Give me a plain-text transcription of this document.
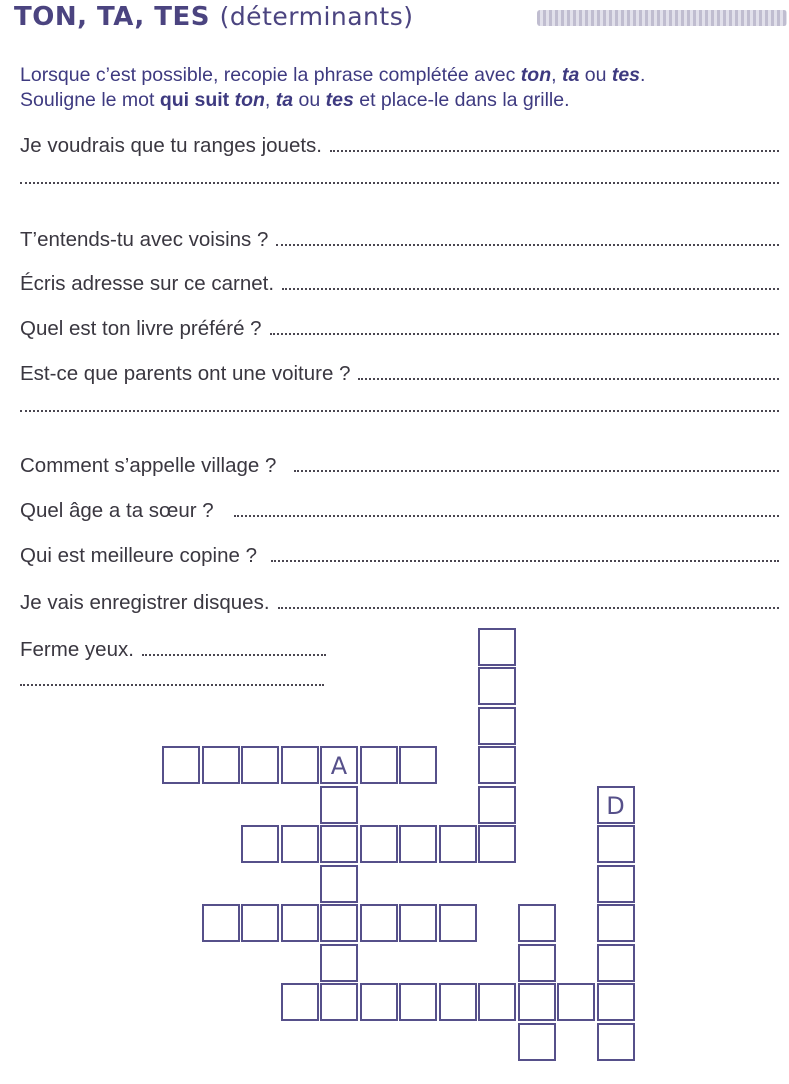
TON, TA, TES (déterminants)
Lorsque c’est possible, recopie la phrase complétée avec ton, ta ou tes.
Souligne le mot qui suit ton, ta ou tes et place-le dans la grille.
Je voudrais que tu ranges jouets.
T’entends-tu avec voisins ?
Écris adresse sur ce carnet.
Quel est ton livre préféré ?
Est-ce que parents ont une voiture ?
Comment s’appelle village ?
Quel âge a ta sœur ?
Qui est meilleure copine ?
Je vais enregistrer disques.
Ferme yeux.
A
D
